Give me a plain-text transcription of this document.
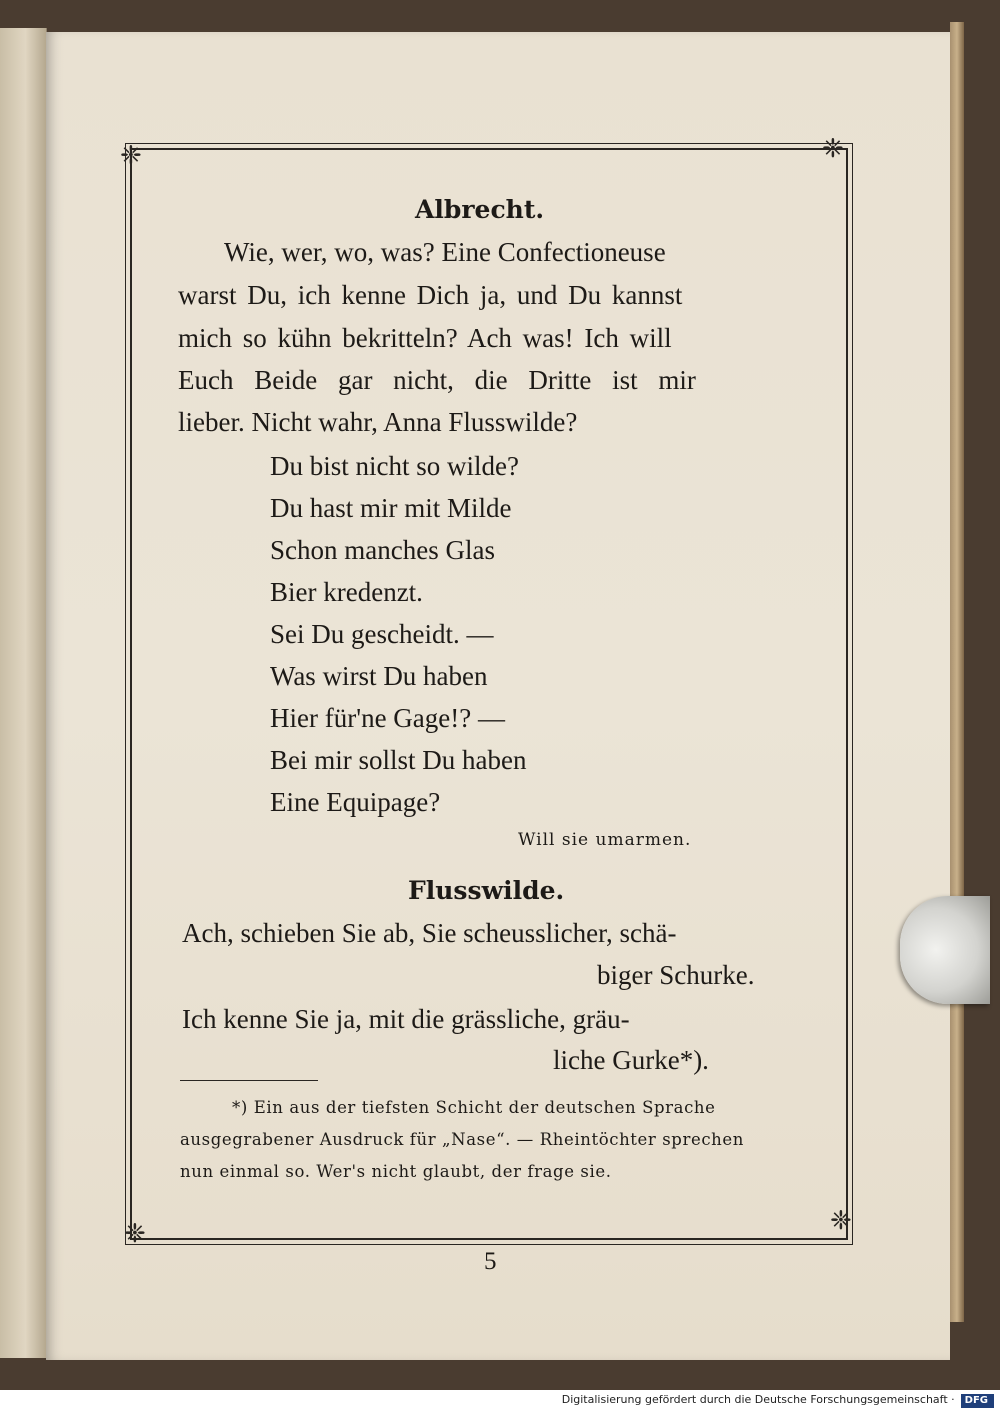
❈	❈
❈	❈
Albrecht.
Wie, wer, wo, was? Eine Confectioneuse
warst Du, ich kenne Dich ja, und Du kannst
mich so kühn bekritteln? Ach was! Ich will
Euch Beide gar nicht, die Dritte ist mir
lieber. Nicht wahr, Anna Flusswilde?
Du bist nicht so wilde?
Du hast mir mit Milde
Schon manches Glas
Bier kredenzt.
Sei Du gescheidt. —
Was wirst Du haben
Hier für'ne Gage!? —
Bei mir sollst Du haben
Eine Equipage?
Will sie umarmen.
Flusswilde.
Ach, schieben Sie ab, Sie scheusslicher, schä-
biger Schurke.
Ich kenne Sie ja, mit die grässliche, gräu-
liche Gurke*).
*) Ein aus der tiefsten Schicht der deutschen Sprache
ausgegrabener Ausdruck für „Nase“. — Rheintöchter sprechen
nun einmal so. Wer's nicht glaubt, der frage sie.
5
Digitalisierung gefördert durch die Deutsche Forschungsgemeinschaft · DFG
